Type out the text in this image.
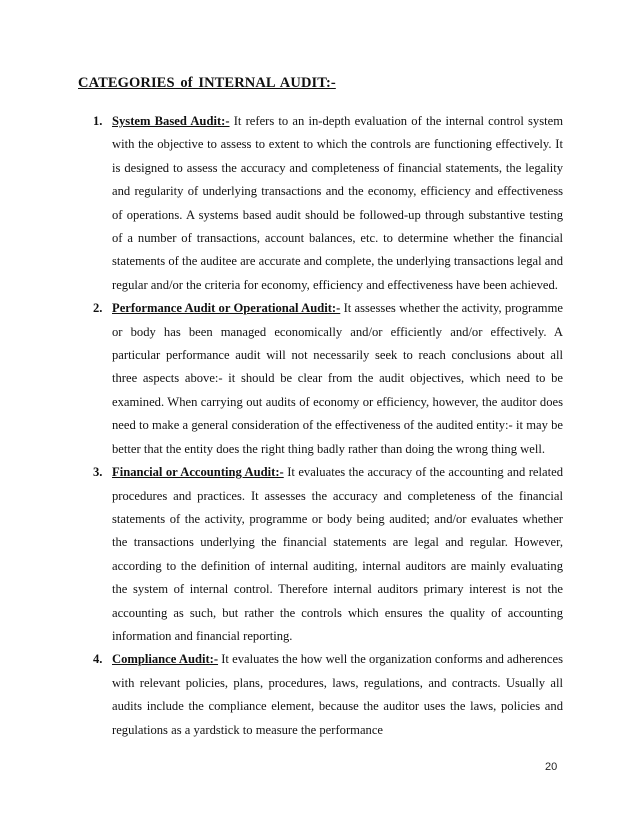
CATEGORIES of INTERNAL AUDIT:-
1. System Based Audit:- It refers to an in-depth evaluation of the internal control system with the objective to assess to extent to which the controls are functioning effectively. It is designed to assess the accuracy and completeness of financial statements, the legality and regularity of underlying transactions and the economy, efficiency and effectiveness of operations. A systems based audit should be followed-up through substantive testing of a number of transactions, account balances, etc. to determine whether the financial statements of the auditee are accurate and complete, the underlying transactions legal and regular and/or the criteria for economy, efficiency and effectiveness have been achieved.
2. Performance Audit or Operational Audit:- It assesses whether the activity, programme or body has been managed economically and/or efficiently and/or effectively. A particular performance audit will not necessarily seek to reach conclusions about all three aspects above:- it should be clear from the audit objectives, which need to be examined. When carrying out audits of economy or efficiency, however, the auditor does need to make a general consideration of the effectiveness of the audited entity:- it may be better that the entity does the right thing badly rather than doing the wrong thing well.
3. Financial or Accounting Audit:- It evaluates the accuracy of the accounting and related procedures and practices. It assesses the accuracy and completeness of the financial statements of the activity, programme or body being audited; and/or evaluates whether the transactions underlying the financial statements are legal and regular. However, according to the definition of internal auditing, internal auditors are mainly evaluating the system of internal control. Therefore internal auditors primary interest is not the accounting as such, but rather the controls which ensures the quality of accounting information and financial reporting.
4. Compliance Audit:- It evaluates the how well the organization conforms and adherences with relevant policies, plans, procedures, laws, regulations, and contracts. Usually all audits include the compliance element, because the auditor uses the laws, policies and regulations as a yardstick to measure the performance
20
